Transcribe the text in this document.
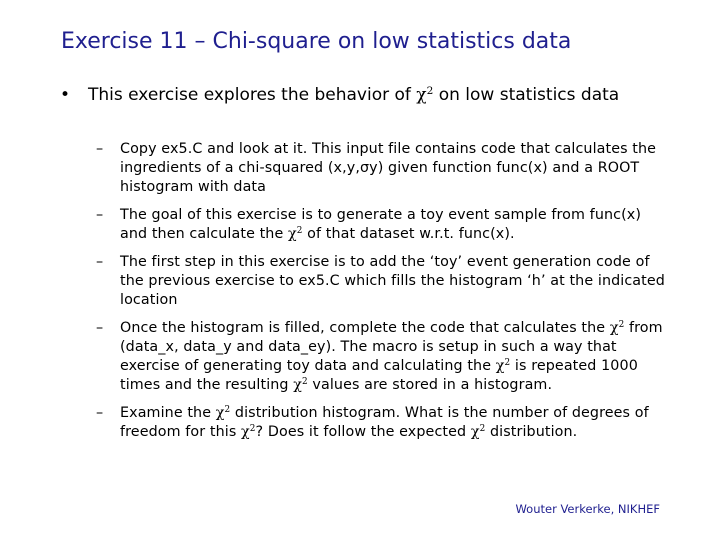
Exercise 11 – Chi-square on low statistics data
• This exercise explores the behavior of $\chi^2$ on low statistics data
– Copy ex5.C and look at it. This input file contains code that calculates the ingredients of a chi-squared (x,y,σy) given function func(x) and a ROOT histogram with data
– The goal of this exercise is to generate a toy event sample from func(x) and then calculate the $\chi^2$ of that dataset w.r.t. func(x).
– The first step in this exercise is to add the ‘toy’ event generation code of the previous exercise to ex5.C which fills the histogram ‘h’ at the indicated location
– Once the histogram is filled, complete the code that calculates the $\chi^2$ from (data_x, data_y and data_ey). The macro is setup in such a way that exercise of generating toy data and calculating the $\chi^2$ is repeated 1000 times and the resulting $\chi^2$ values are stored in a histogram.
– Examine the $\chi^2$ distribution histogram. What is the number of degrees of freedom for this $\chi^2$? Does it follow the expected $\chi^2$ distribution.
Wouter Verkerke, NIKHEF
